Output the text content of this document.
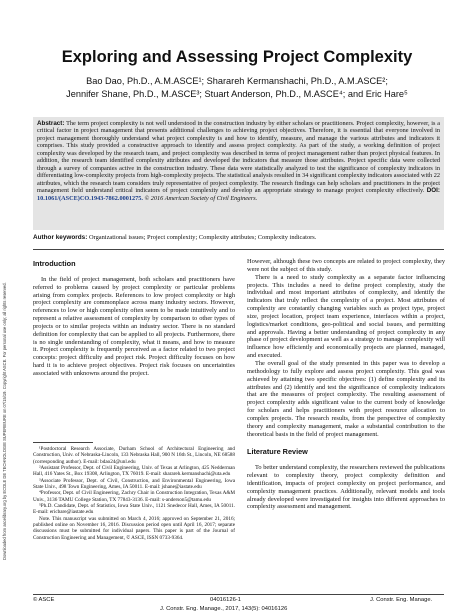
Downloaded from ascelibrary.org by ECOLE DE TECHNOLOGIE SUPERIEURE on 07/15/19. Copyright ASCE. For personal use only; all rights reserved.
Exploring and Assessing Project Complexity
Bao Dao, Ph.D., A.M.ASCE¹; Sharareh Kermanshachi, Ph.D., A.M.ASCE²;
Jennifer Shane, Ph.D., M.ASCE³; Stuart Anderson, Ph.D., M.ASCE⁴; and Eric Hare⁵
Abstract: The term project complexity is not well understood in the construction industry by either scholars or practitioners. Project complexity, however, is a critical factor in project management that presents additional challenges to achieving project objectives. Therefore, it is essential that everyone involved in project management thoroughly understand what project complexity is and how to identify, measure, and manage the various attributes and indicators it comprises. This study provided a constructive approach to identify and assess project complexity. As part of the study, a working definition of project complexity was developed by the research team, and project complexity was described in terms of project management rather than project physical features. In addition, the research team identified complexity attributes and developed the indicators that measure those attributes. Project specific data were collected through a survey of companies active in the construction industry. These data were statistically analyzed to test the significance of complexity indicators in differentiating low-complexity projects from high-complexity projects. The statistical analysis resulted in 34 significant complexity indicators associated with 22 attributes, which the research team considers truly representative of project complexity. The research findings can help scholars and practitioners in the project management field understand critical indicators of project complexity and develop an appropriate strategy to manage project complexity effectively. DOI: 10.1061/(ASCE)CO.1943-7862.0001275. © 2016 American Society of Civil Engineers.
Author keywords: Organizational issues; Project complexity; Complexity attributes; Complexity indicators.
Introduction

In the field of project management, both scholars and practitioners have referred to problems caused by project complexity or particular problems arising from complex projects. References to low project complexity or high project complexity are commonplace across many industry sectors. However, references to low or high complexity often seem to be made intuitively and to represent a relative assessment of complexity by comparison to other types of projects or to similar projects within an industry sector. There is no standard definition for complexity that can be applied to all projects. Furthermore, there is no single understanding of complexity, what it means, and how to measure it. Project complexity is frequently perceived as a factor related to two project concepts: project difficulty and project risk. Project difficulty focuses on how hard it is to achieve project objectives. Project risk focuses on uncertainties associated with unknowns around the project.

¹Postdoctoral Research Associate, Durham School of Architectural Engineering and Construction, Univ. of Nebraska-Lincoln, 133 Nebraska Hall, 900 N 16th St., Lincoln, NE 68588 (corresponding author). E-mail: bdao24@unl.edu

²Assistant Professor, Dept. of Civil Engineering, Univ. of Texas at Arlington, 425 Nedderman Hall, 416 Yates St., Box 19308, Arlington, TX 76019. E-mail: sharareh.kermanshachi@uta.edu

³Associate Professor, Dept. of Civil, Construction, and Environmental Engineering, Iowa State Univ., 498 Town Engineering, Ames, IA 50011. E-mail: jshane@iastate.edu

⁴Professor, Dept. of Civil Engineering, Zachry Chair in Construction Integration, Texas A&M Univ., 3136 TAMU College Station, TX 77843-3136. E-mail: s-anderson5@tamu.edu

⁵Ph.D. Candidate, Dept. of Statistics, Iowa State Univ., 1121 Snedecor Hall, Ames, IA 50011. E-mail: ericbare@iastate.edu

Note. This manuscript was submitted on March 4, 2016; approved on September 21, 2016; published online on November 16, 2016. Discussion period open until April 16, 2017; separate discussions must be submitted for individual papers. This paper is part of the Journal of Construction Engineering and Management, © ASCE, ISSN 0733-9364.

However, although these two concepts are related to project complexity, they were not the subject of this study.

There is a need to study complexity as a separate factor influencing projects. This includes a need to define project complexity, study the individual and most important attributes of complexity, and identify the indicators that truly reflect the complexity of a project. Most attributes of complexity are constantly changing variables such as project type, project size, project location, project team experience, interfaces within a project, logistics/market conditions, geo-political and social issues, and permitting and approvals. Having a better understanding of project complexity in any phase of project development as well as a strategy to manage complexity will influence how efficiently and economically projects are planned, managed, and executed.

The overall goal of the study presented in this paper was to develop a methodology to fully explore and assess project complexity. This goal was achieved by attaining two specific objectives: (1) define complexity and its attributes and (2) identify and test the significance of complexity indicators that are the measures of project complexity. The resulting assessment of project complexity adds significant value to the current body of knowledge for scholars and helps practitioners with project resource allocation to complex projects. The research results, from the perspective of complexity theory and complexity management, make a substantial contribution to the theoretical basis in the field of project management.

Literature Review

To better understand complexity, the researchers reviewed the publications relevant to complexity theory, project complexity definition and identification, impacts of project complexity on project performance, and complexity management practices. Additionally, relevant models and tools already developed were investigated for insights into different approaches to complexity assessment and management.

© ASCE	04016126-1	J. Constr. Eng. Manage.
J. Constr. Eng. Manage., 2017, 143(5): 04016126
